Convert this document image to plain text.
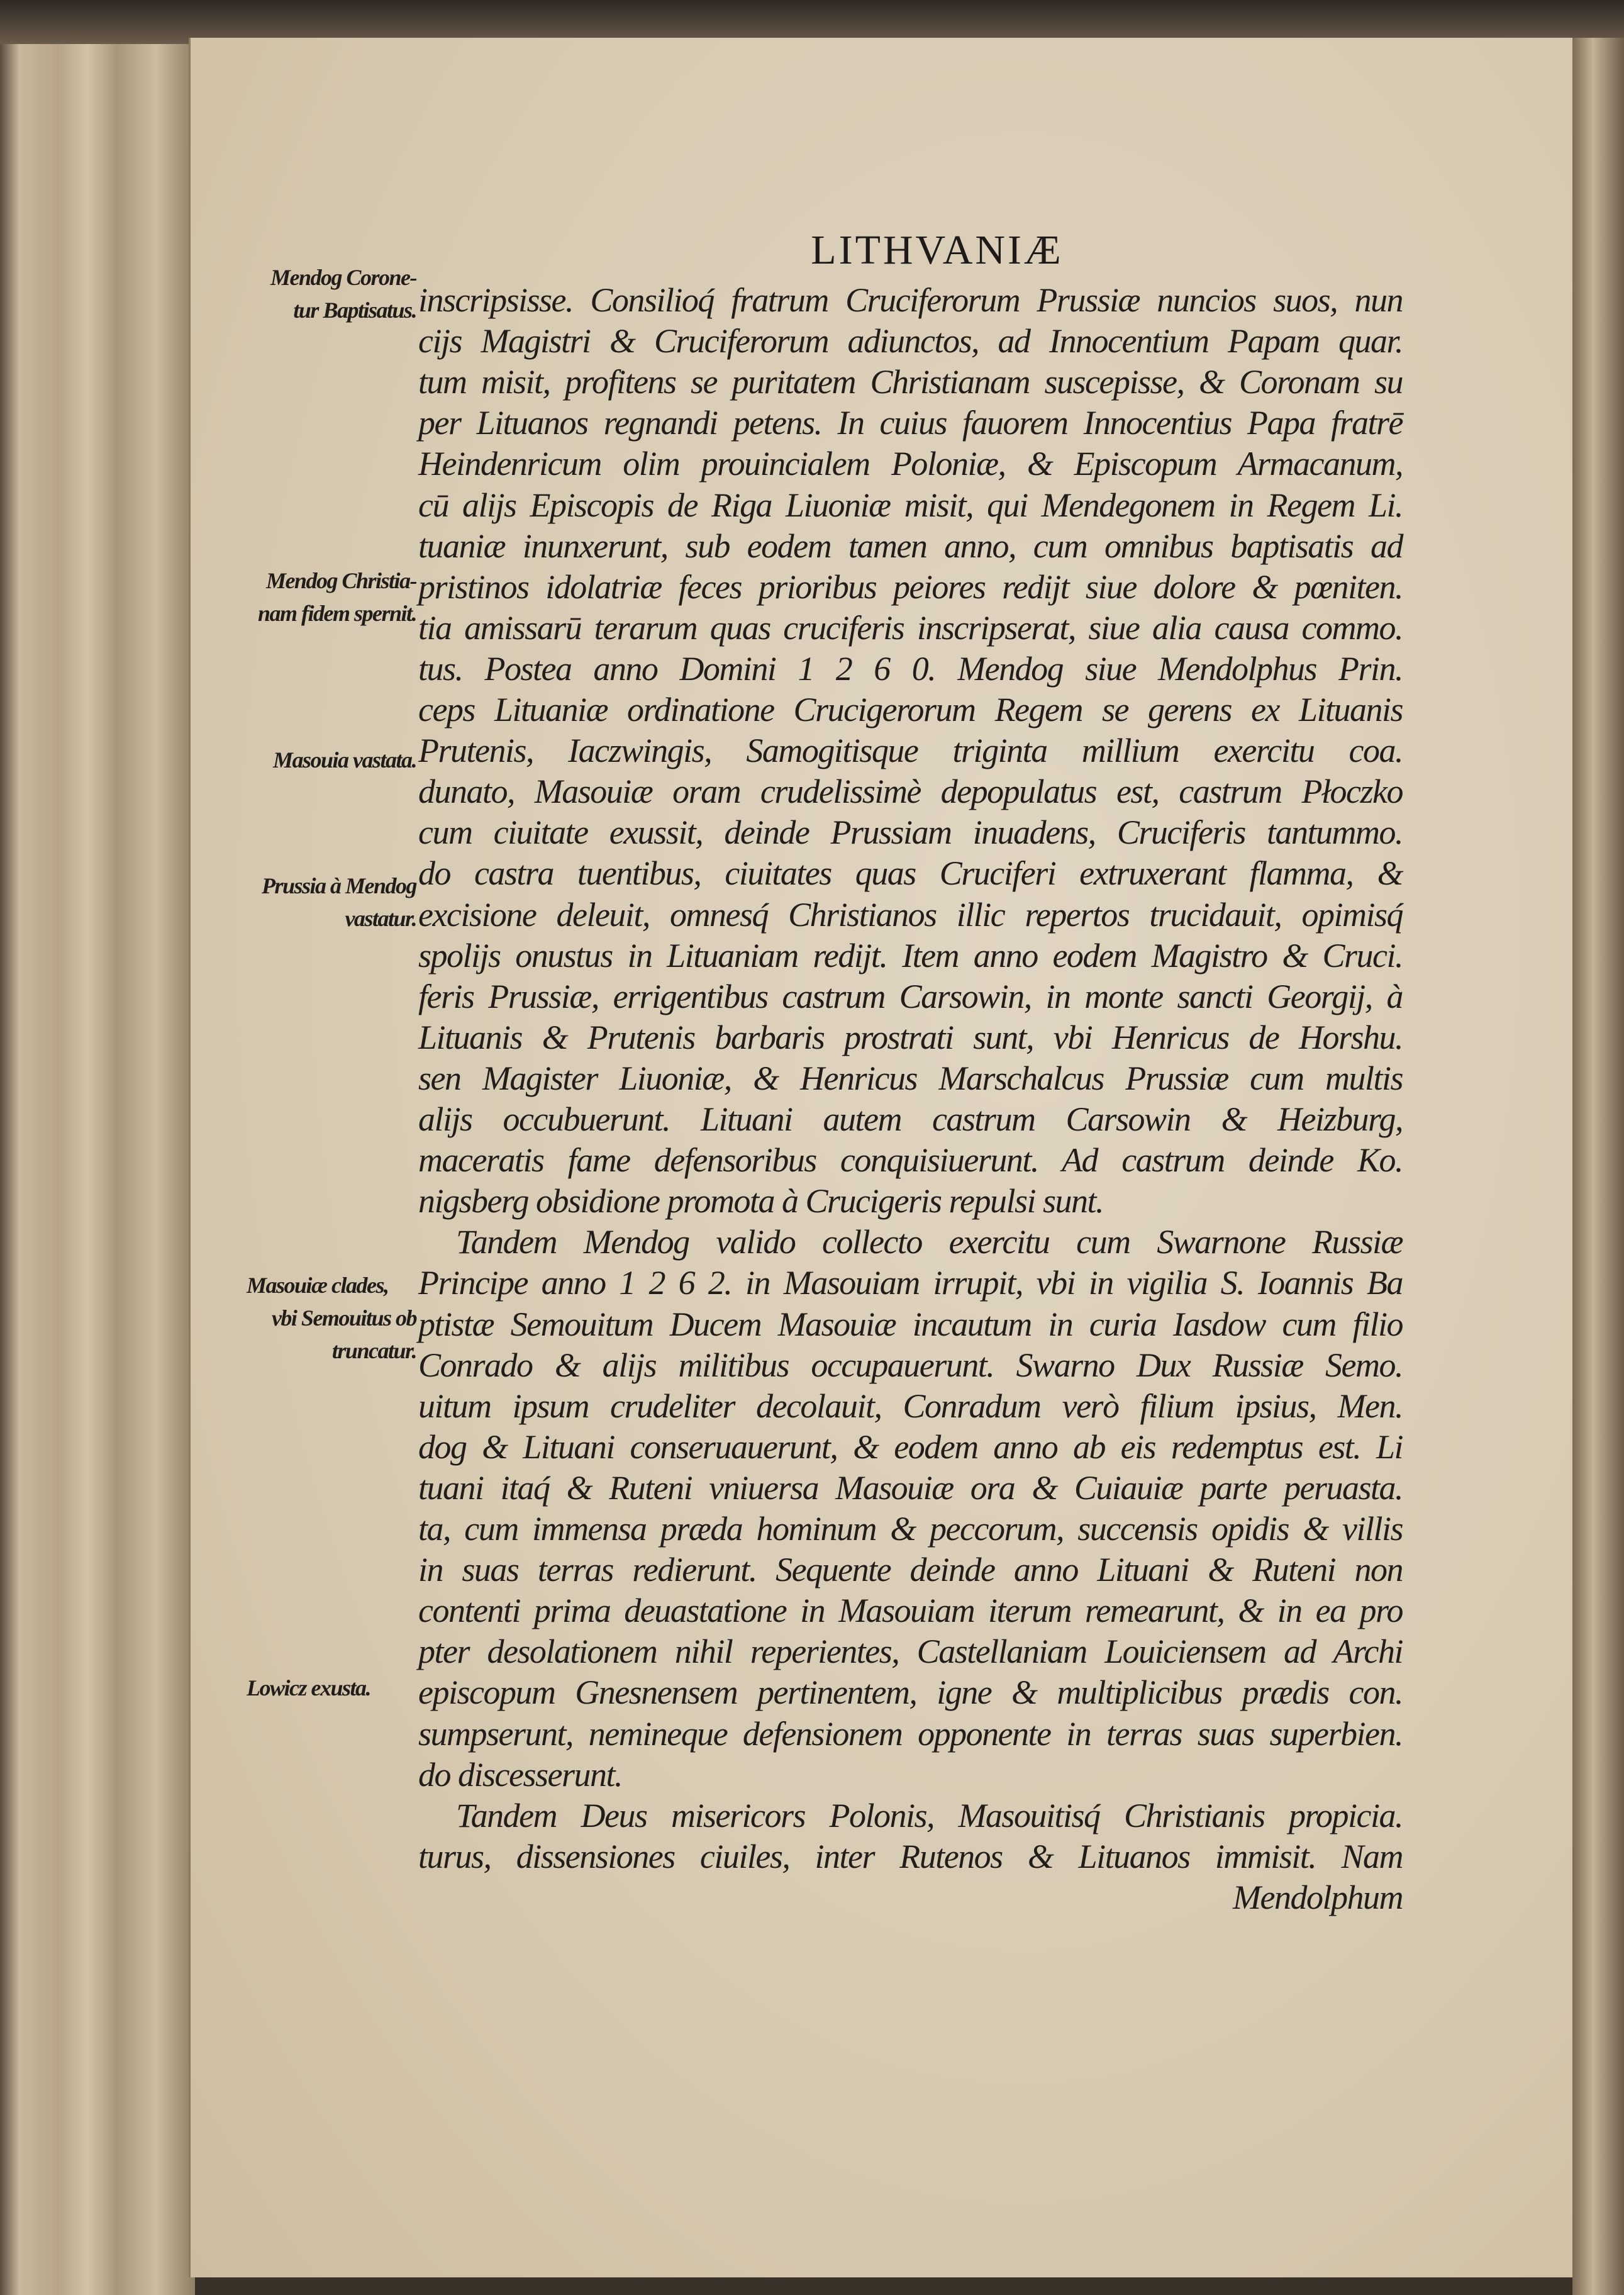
LITHVANIÆ
Mendog Corone-
tur Baptisatus.
Mendog Christia-
nam fidem spernit.
Masouia vastata.
Prussia à Mendog
vastatur.
Masouiæ clades,
vbi Semouitus ob
truncatur.
Lowicz exusta.
inscripsisse. Consilioq́ fratrum Cruciferorum Prussiæ nuncios suos, nun
cijs Magistri & Cruciferorum adiunctos, ad Innocentium Papam quar.
tum misit, profitens se puritatem Christianam suscepisse, & Coronam su
per Lituanos regnandi petens. In cuius fauorem Innocentius Papa fratrē
Heindenricum olim prouincialem Poloniæ, & Episcopum Armacanum,
cū alijs Episcopis de Riga Liuoniæ misit, qui Mendegonem in Regem Li.
tuaniæ inunxerunt, sub eodem tamen anno, cum omnibus baptisatis ad
pristinos idolatriæ feces prioribus peiores redijt siue dolore & pœniten.
tia amissarū terarum quas cruciferis inscripserat, siue alia causa commo.
tus. Postea anno Domini 1 2 6 0. Mendog siue Mendolphus Prin.
ceps Lituaniæ ordinatione Crucigerorum Regem se gerens ex Lituanis
Prutenis, Iaczwingis, Samogitisque triginta millium exercitu coa.
dunato, Masouiæ oram crudelissimè depopulatus est, castrum Płoczko
cum ciuitate exussit, deinde Prussiam inuadens, Cruciferis tantummo.
do castra tuentibus, ciuitates quas Cruciferi extruxerant flamma, &
excisione deleuit, omnesq́ Christianos illic repertos trucidauit, opimisq́
spolijs onustus in Lituaniam redijt. Item anno eodem Magistro & Cruci.
feris Prussiæ, errigentibus castrum Carsowin, in monte sancti Georgij, à
Lituanis & Prutenis barbaris prostrati sunt, vbi Henricus de Horshu.
sen Magister Liuoniæ, & Henricus Marschalcus Prussiæ cum multis
alijs occubuerunt. Lituani autem castrum Carsowin & Heizburg,
maceratis fame defensoribus conquisiuerunt. Ad castrum deinde Ko.
nigsberg obsidione promota à Crucigeris repulsi sunt.
Tandem Mendog valido collecto exercitu cum Swarnone Russiæ
Principe anno 1 2 6 2. in Masouiam irrupit, vbi in vigilia S. Ioannis Ba
ptistæ Semouitum Ducem Masouiæ incautum in curia Iasdow cum filio
Conrado & alijs militibus occupauerunt. Swarno Dux Russiæ Semo.
uitum ipsum crudeliter decolauit, Conradum verò filium ipsius, Men.
dog & Lituani conseruauerunt, & eodem anno ab eis redemptus est. Li
tuani itaq́ & Ruteni vniuersa Masouiæ ora & Cuiauiæ parte peruasta.
ta, cum immensa præda hominum & peccorum, succensis opidis & villis
in suas terras redierunt. Sequente deinde anno Lituani & Ruteni non
contenti prima deuastatione in Masouiam iterum remearunt, & in ea pro
pter desolationem nihil reperientes, Castellaniam Louiciensem ad Archi
episcopum Gnesnensem pertinentem, igne & multiplicibus prædis con.
sumpserunt, nemineque defensionem opponente in terras suas superbien.
do discesserunt.
Tandem Deus misericors Polonis, Masouitisq́ Christianis propicia.
turus, dissensiones ciuiles, inter Rutenos & Lituanos immisit. Nam
Mendolphum
